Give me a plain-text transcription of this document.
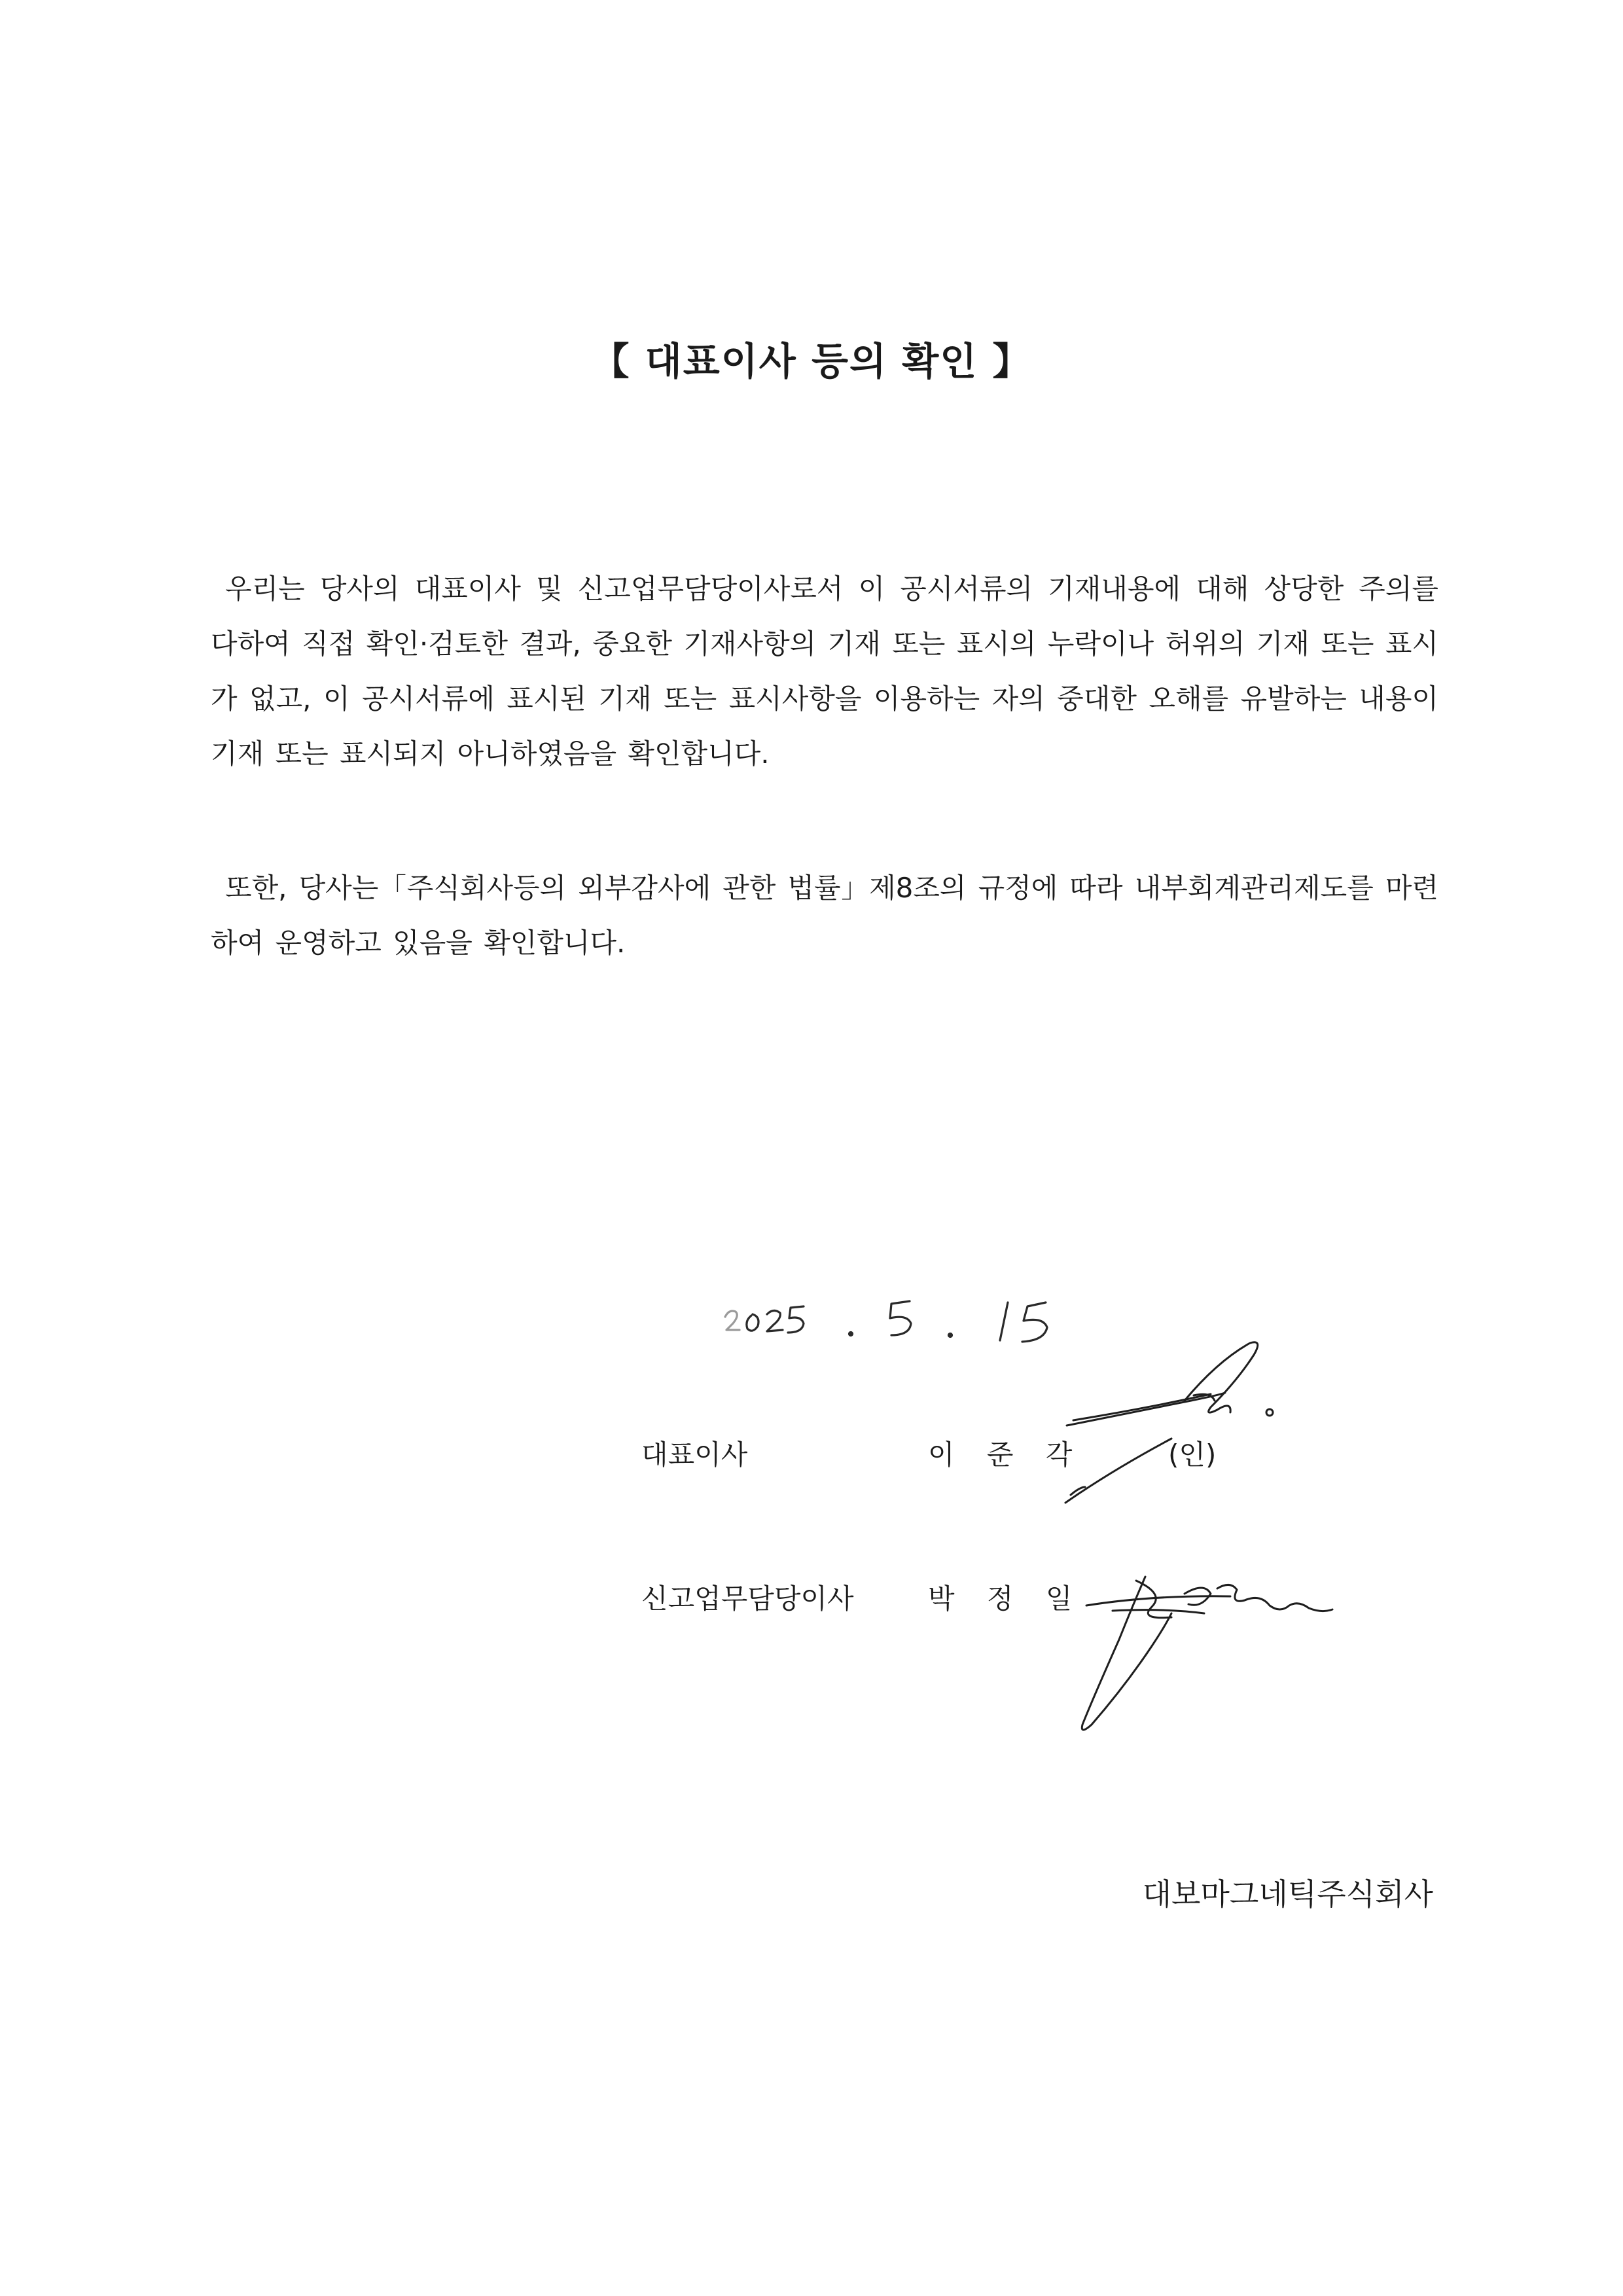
【 대표이사 등의 확인 】
우리는 당사의 대표이사 및 신고업무담당이사로서 이 공시서류의 기재내용에 대해 상당한 주의를 다하여 직접 확인·검토한 결과, 중요한 기재사항의 기재 또는 표시의 누락이나 허위의 기재 또는 표시가 없고, 이 공시서류에 표시된 기재 또는 표시사항을 이용하는 자의 중대한 오해를 유발하는 내용이 기재 또는 표시되지 아니하였음을 확인합니다.
또한, 당사는「주식회사등의 외부감사에 관한 법률」제8조의 규정에 따라 내부회계관리제도를 마련하여 운영하고 있음을 확인합니다.
대표이사	이 준 각	(인)
신고업무담당이사	박 정 일
대보마그네틱주식회사
